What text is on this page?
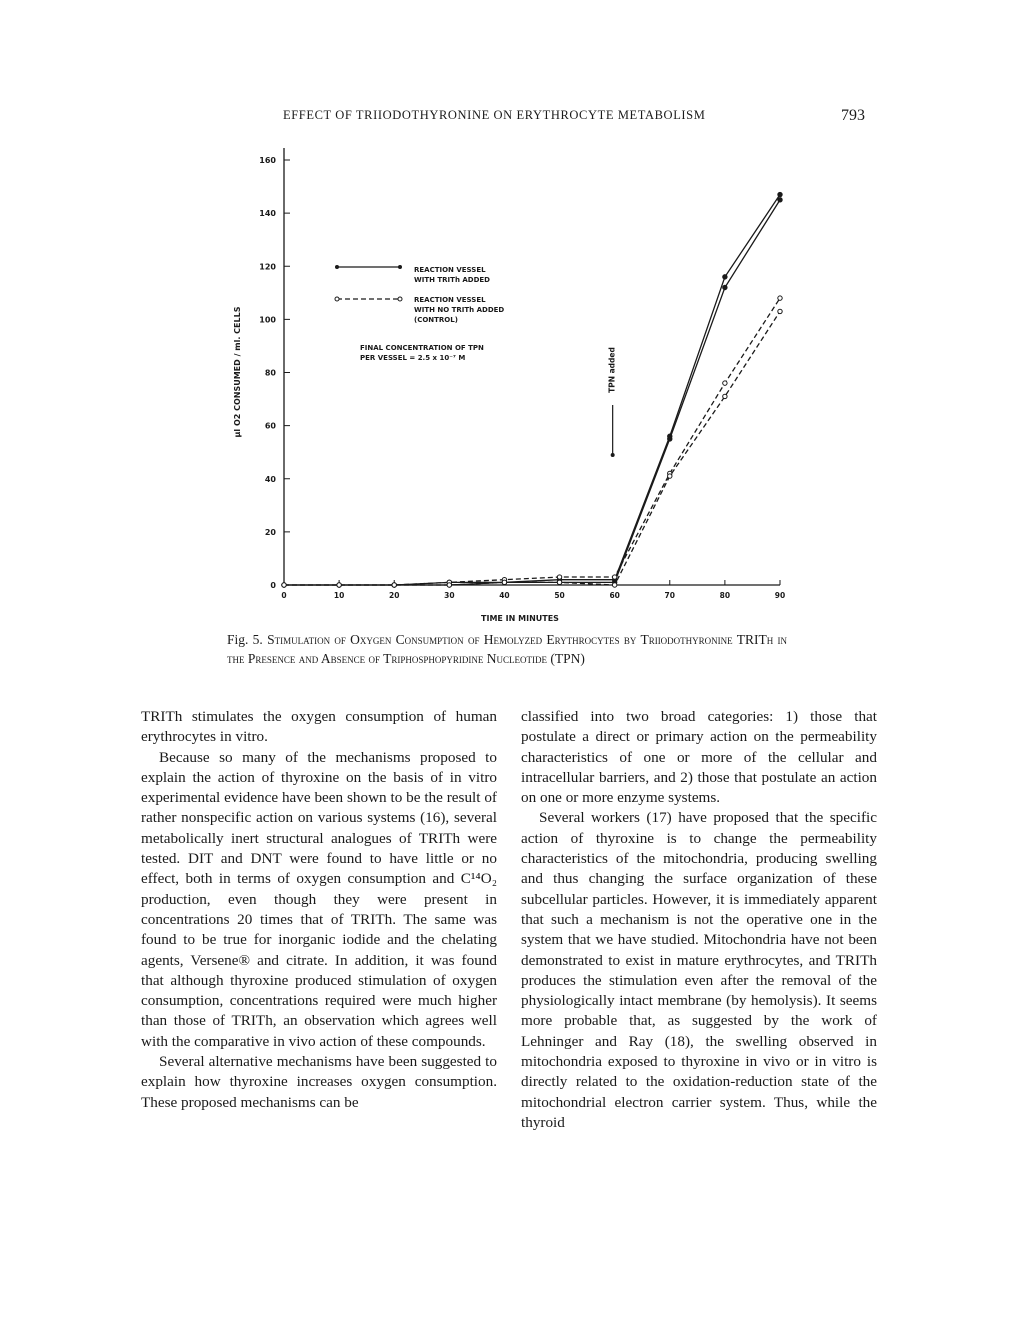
EFFECT OF TRIIODOTHYRONINE ON ERYTHROCYTE METABOLISM	793
0
20
40
60
80
100
120
140
160
0	10	20	30	40	50	60	70	80	90
TPN added
REACTION VESSEL
WITH TRITh ADDED
REACTION VESSEL
WITH NO TRITh ADDED
(CONTROL)
FINAL CONCENTRATION OF TPN
PER VESSEL = 2.5 x 10⁻⁷ M
TIME IN MINUTES
µl O2 CONSUMED / ml. CELLS
Fig. 5. Stimulation of Oxygen Consumption of Hemolyzed Erythrocytes by Triiodothyronine TRITh in the Presence and Absence of Triphosphopyridine Nucleotide (TPN)

TRITh stimulates the oxygen consumption of human erythrocytes in vitro.

Because so many of the mechanisms proposed to explain the action of thyroxine on the basis of in vitro experimental evidence have been shown to be the result of rather nonspecific action on various systems (16), several metabolically inert structural analogues of TRITh were tested. DIT and DNT were found to have little or no effect, both in terms of oxygen consumption and C¹⁴O₂ production, even though they were present in concentrations 20 times that of TRITh. The same was found to be true for inorganic iodide and the chelating agents, Versene® and citrate. In addition, it was found that although thyroxine produced stimulation of oxygen consumption, concentrations required were much higher than those of TRITh, an observation which agrees well with the comparative in vivo action of these compounds.

Several alternative mechanisms have been suggested to explain how thyroxine increases oxygen consumption. These proposed mechanisms can be

classified into two broad categories: 1) those that postulate a direct or primary action on the permeability characteristics of one or more of the cellular and intracellular barriers, and 2) those that postulate an action on one or more enzyme systems.

Several workers (17) have proposed that the specific action of thyroxine is to change the permeability characteristics of the mitochondria, producing swelling and thus changing the surface organization of these subcellular particles. However, it is immediately apparent that such a mechanism is not the operative one in the system that we have studied. Mitochondria have not been demonstrated to exist in mature erythrocytes, and TRITh produces the stimulation even after the removal of the physiologically intact membrane (by hemolysis). It seems more probable that, as suggested by the work of Lehninger and Ray (18), the swelling observed in mitochondria exposed to thyroxine in vivo or in vitro is directly related to the oxidation-reduction state of the mitochondrial electron carrier system. Thus, while the thyroid
